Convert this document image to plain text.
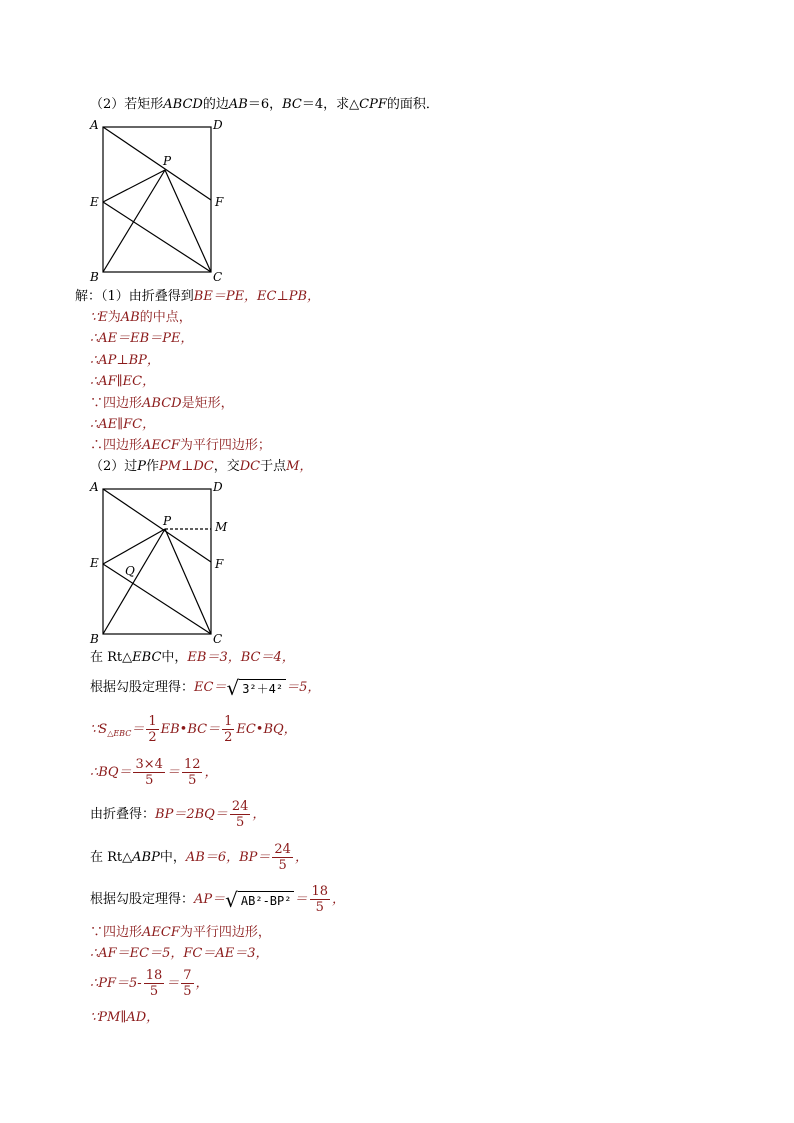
（2）若矩形ABCD的边AB＝6，BC＝4，求△CPF的面积．
A	D
P
E	F
B	C
解：（1）由折叠得到BE＝PE，EC⊥PB，
∵E为AB的中点，
∴AE＝EB＝PE，
∴AP⊥BP，
∴AF∥EC，
∵四边形ABCD是矩形，
∴AE∥FC，
∴四边形AECF为平行四边形；
（2）过P作PM⊥DC，交DC于点M，
A	D
P	M
E	F
Q
B	C
在 Rt△EBC中，EB＝3，BC＝4，
根据勾股定理得：EC＝ √ 3²＋4² ＝5，
$\because S_{\triangle EBC}= \frac{1}{2}$ EB•BC＝ $\frac{1}{2}$ EC•BQ，
∴BQ＝ $\frac{3\times 4}{5} = \frac{12}{5}$ ，
由折叠得：$BP=2BQ= \frac{24}{5}$ ，
在 Rt△ABP中，AB＝6，$BP= \frac{24}{5}$ ，
根据勾股定理得：AP＝ √ $AB^2-BP^2 = \frac{18}{5}$ ，
∵四边形AECF为平行四边形，
∴AF＝EC＝5，FC＝AE＝3，
∴PF＝5- $\frac{18}{5} = \frac{7}{5}$ ，
∵PM∥AD，
